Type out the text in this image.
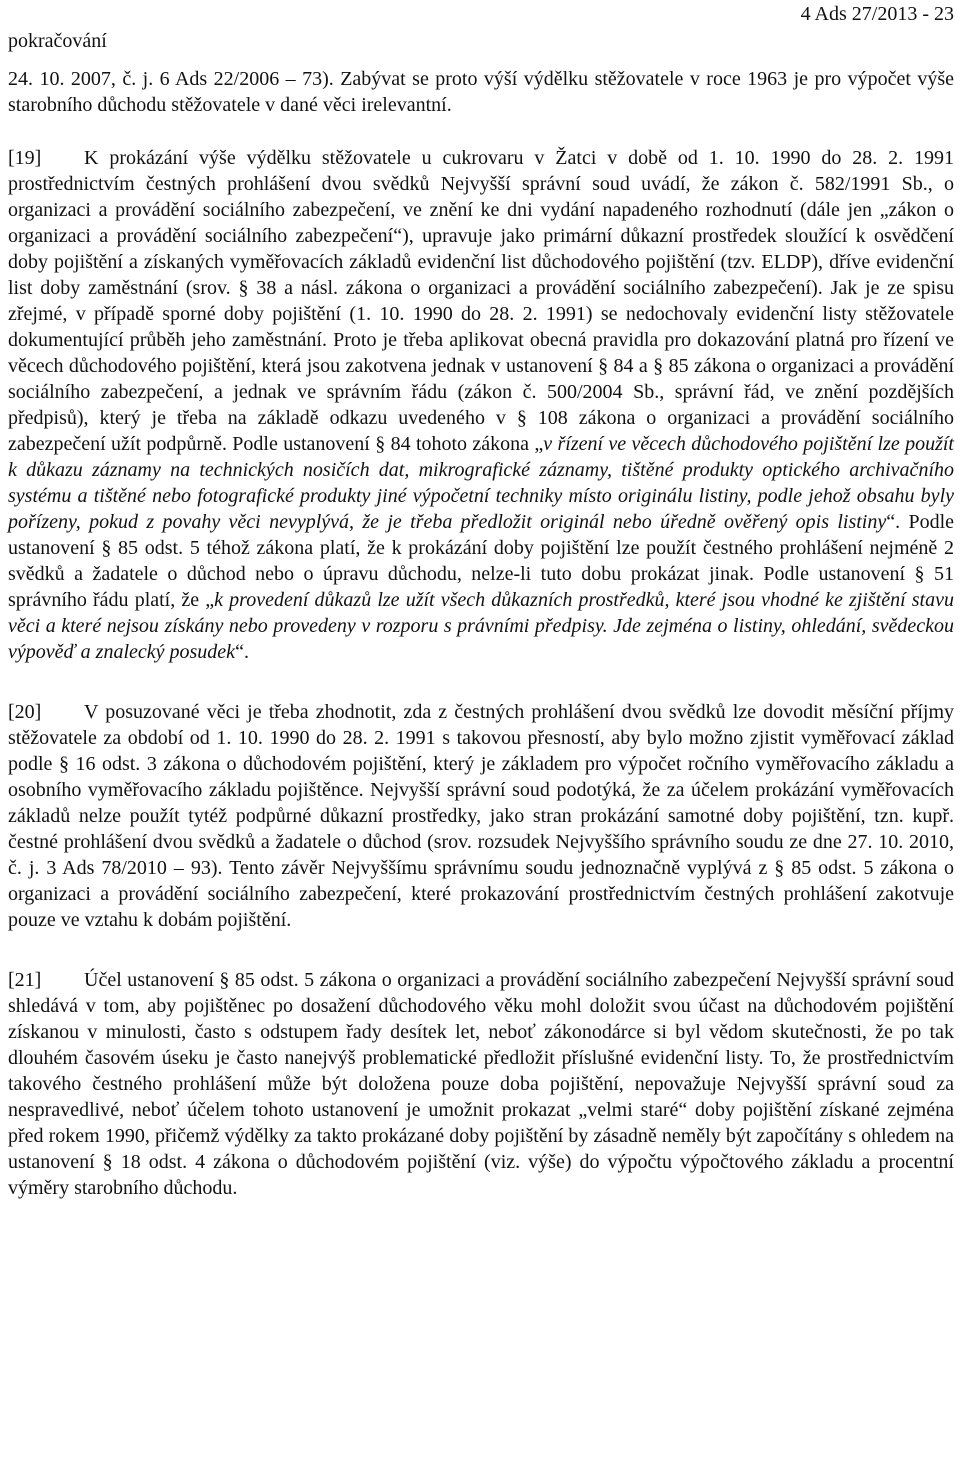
pokračování
4 Ads 27/2013 - 23

24. 10. 2007, č. j. 6 Ads 22/2006 – 73). Zabývat se proto výší výdělku stěžovatele v roce 1963 je pro výpočet výše starobního důchodu stěžovatele v dané věci irelevantní.

[19] K prokázání výše výdělku stěžovatele u cukrovaru v Žatci v době od 1. 10. 1990 do 28. 2. 1991 prostřednictvím čestných prohlášení dvou svědků Nejvyšší správní soud uvádí, že zákon č. 582/1991 Sb., o organizaci a provádění sociálního zabezpečení, ve znění ke dni vydání napadeného rozhodnutí (dále jen „zákon o organizaci a provádění sociálního zabezpečení“), upravuje jako primární důkazní prostředek sloužící k osvědčení doby pojištění a získaných vyměřovacích základů evidenční list důchodového pojištění (tzv. ELDP), dříve evidenční list doby zaměstnání (srov. § 38 a násl. zákona o organizaci a provádění sociálního zabezpečení). Jak je ze spisu zřejmé, v případě sporné doby pojištění (1. 10. 1990 do 28. 2. 1991) se nedochovaly evidenční listy stěžovatele dokumentující průběh jeho zaměstnání. Proto je třeba aplikovat obecná pravidla pro dokazování platná pro řízení ve věcech důchodového pojištění, která jsou zakotvena jednak v ustanovení § 84 a § 85 zákona o organizaci a provádění sociálního zabezpečení, a jednak ve správním řádu (zákon č. 500/2004 Sb., správní řád, ve znění pozdějších předpisů), který je třeba na základě odkazu uvedeného v § 108 zákona o organizaci a provádění sociálního zabezpečení užít podpůrně. Podle ustanovení § 84 tohoto zákona „v řízení ve věcech důchodového pojištění lze použít k důkazu záznamy na technických nosičích dat, mikrografické záznamy, tištěné produkty optického archivačního systému a tištěné nebo fotografické produkty jiné výpočetní techniky místo originálu listiny, podle jehož obsahu byly pořízeny, pokud z povahy věci nevyplývá, že je třeba předložit originál nebo úředně ověřený opis listiny“. Podle ustanovení § 85 odst. 5 téhož zákona platí, že k prokázání doby pojištění lze použít čestného prohlášení nejméně 2 svědků a žadatele o důchod nebo o úpravu důchodu, nelze-li tuto dobu prokázat jinak. Podle ustanovení § 51 správního řádu platí, že „k provedení důkazů lze užít všech důkazních prostředků, které jsou vhodné ke zjištění stavu věci a které nejsou získány nebo provedeny v rozporu s právními předpisy. Jde zejména o listiny, ohledání, svědeckou výpověď a znalecký posudek“.

[20] V posuzované věci je třeba zhodnotit, zda z čestných prohlášení dvou svědků lze dovodit měsíční příjmy stěžovatele za období od 1. 10. 1990 do 28. 2. 1991 s takovou přesností, aby bylo možno zjistit vyměřovací základ podle § 16 odst. 3 zákona o důchodovém pojištění, který je základem pro výpočet ročního vyměřovacího základu a osobního vyměřovacího základu pojištěnce. Nejvyšší správní soud podotýká, že za účelem prokázání vyměřovacích základů nelze použít tytéž podpůrné důkazní prostředky, jako stran prokázání samotné doby pojištění, tzn. kupř. čestné prohlášení dvou svědků a žadatele o důchod (srov. rozsudek Nejvyššího správního soudu ze dne 27. 10. 2010, č. j. 3 Ads 78/2010 – 93). Tento závěr Nejvyššímu správnímu soudu jednoznačně vyplývá z § 85 odst. 5 zákona o organizaci a provádění sociálního zabezpečení, které prokazování prostřednictvím čestných prohlášení zakotvuje pouze ve vztahu k dobám pojištění.

[21] Účel ustanovení § 85 odst. 5 zákona o organizaci a provádění sociálního zabezpečení Nejvyšší správní soud shledává v tom, aby pojištěnec po dosažení důchodového věku mohl doložit svou účast na důchodovém pojištění získanou v minulosti, často s odstupem řady desítek let, neboť zákonodárce si byl vědom skutečnosti, že po tak dlouhém časovém úseku je často nanejvýš problematické předložit příslušné evidenční listy. To, že prostřednictvím takového čestného prohlášení může být doložena pouze doba pojištění, nepovažuje Nejvyšší správní soud za nespravedlivé, neboť účelem tohoto ustanovení je umožnit prokazat „velmi staré“ doby pojištění získané zejména před rokem 1990, přičemž výdělky za takto prokázané doby pojištění by zásadně neměly být započítány s ohledem na ustanovení § 18 odst. 4 zákona o důchodovém pojištění (viz. výše) do výpočtu výpočtového základu a procentní výměry starobního důchodu.
